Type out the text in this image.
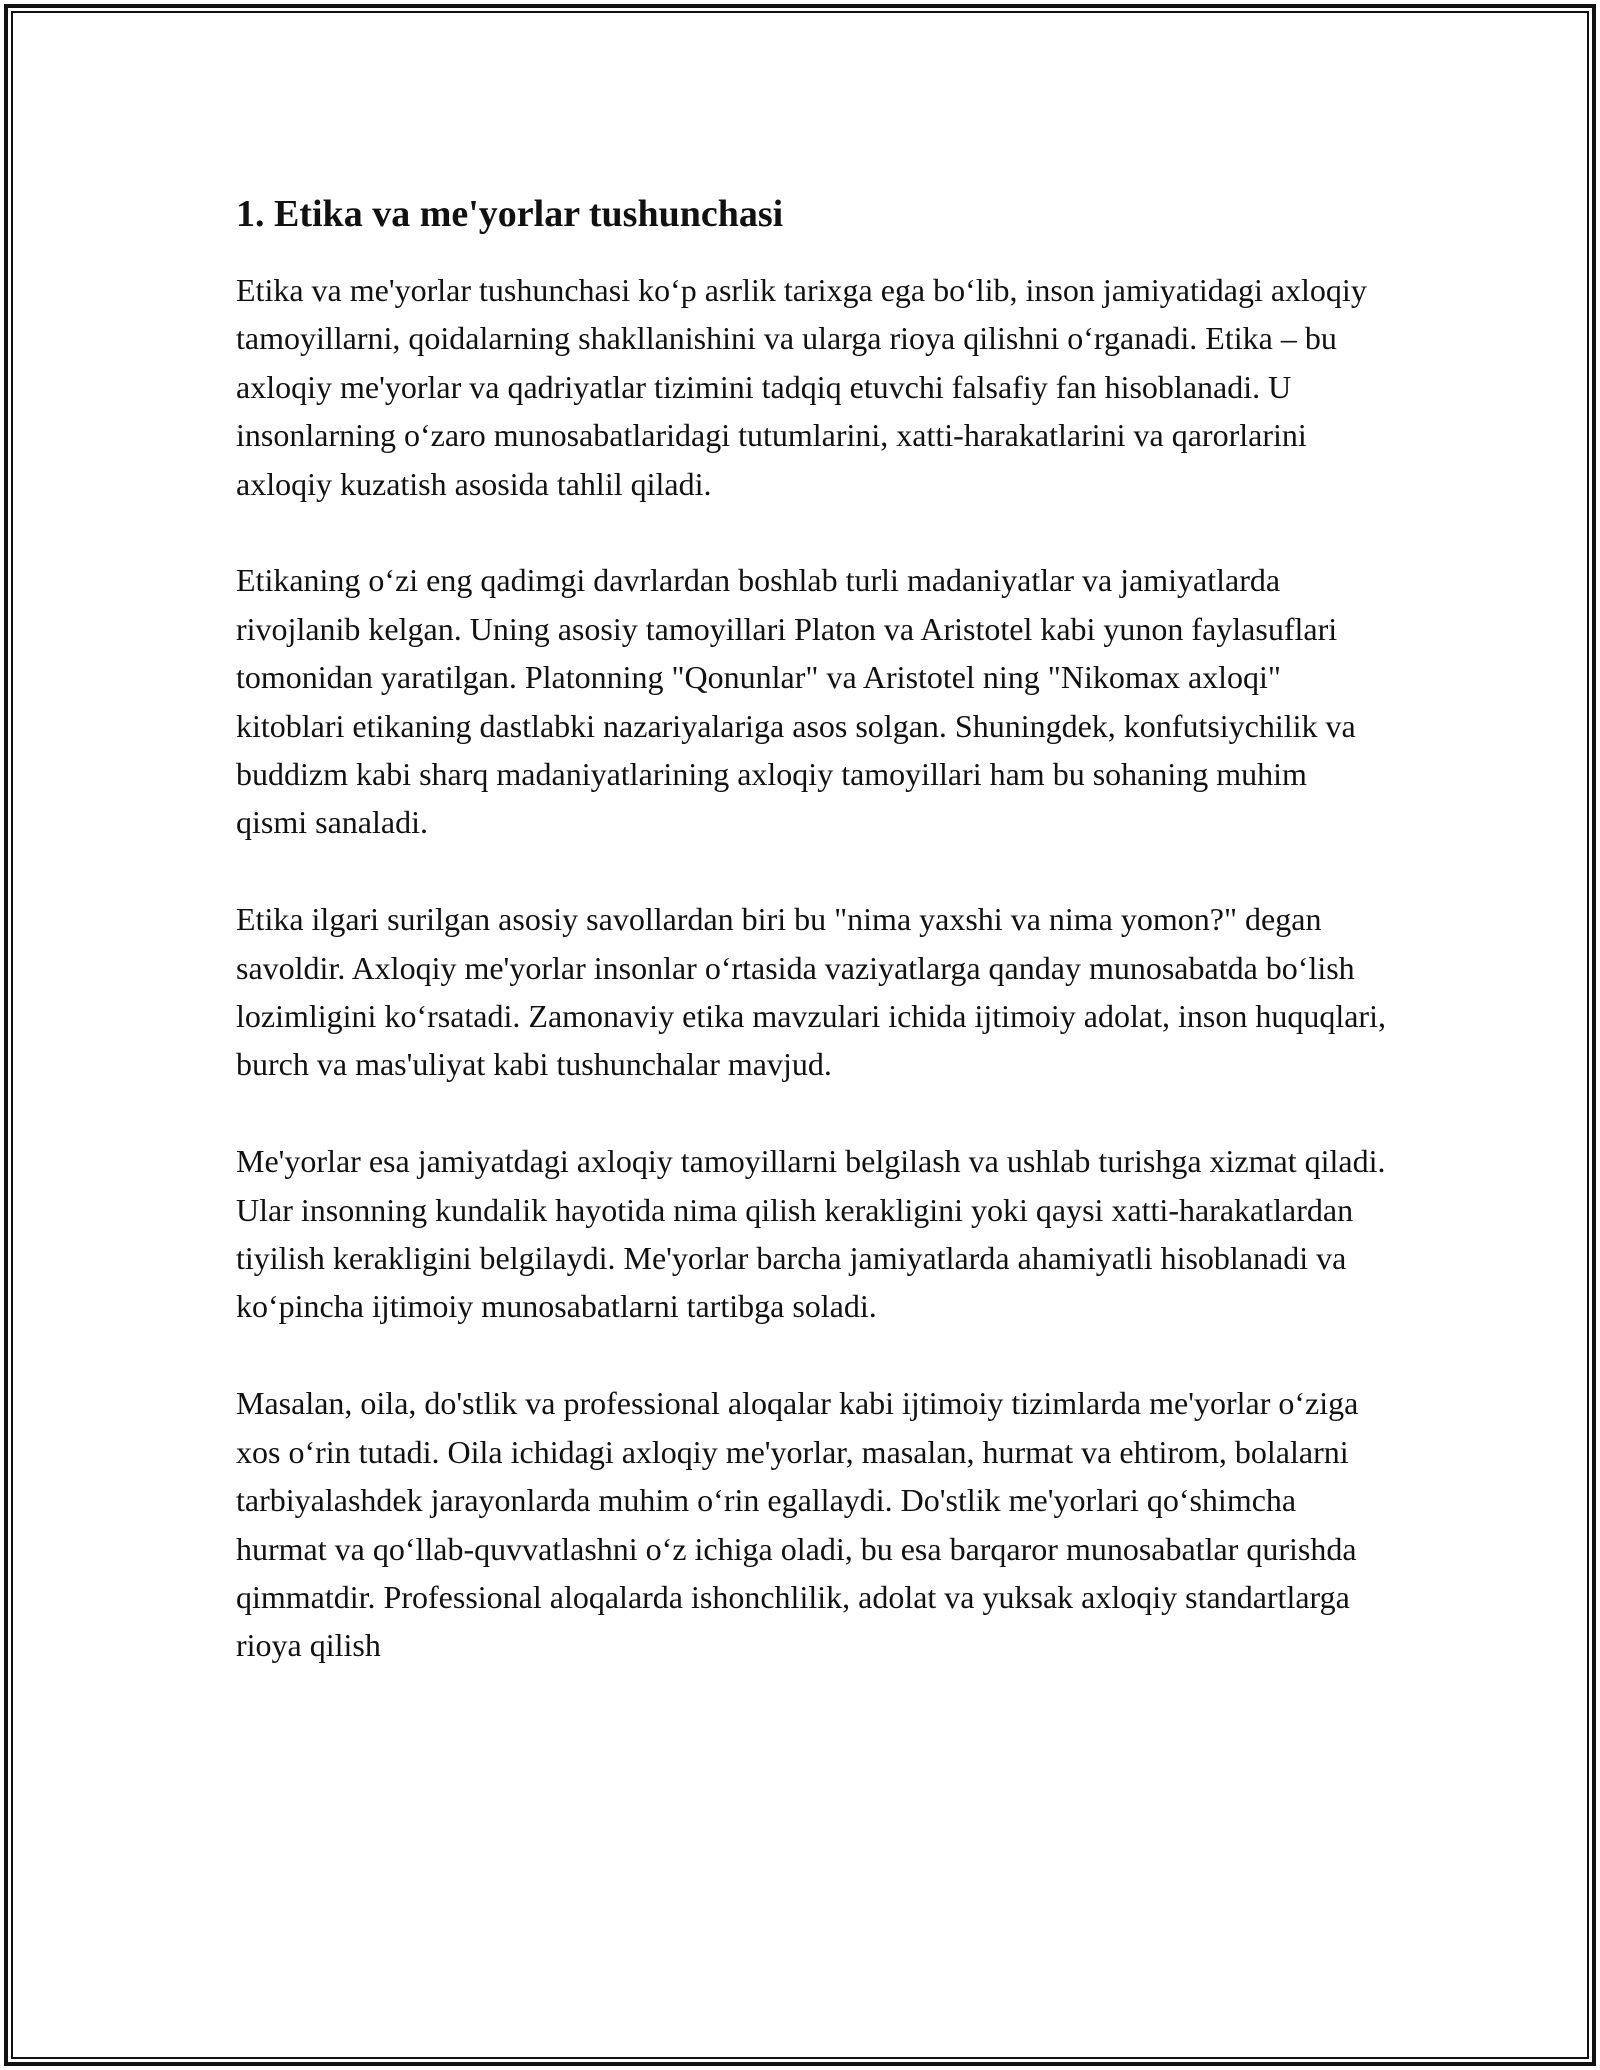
1. Etika va me'yorlar tushunchasi

Etika va me'yorlar tushunchasi ko‘p asrlik tarixga ega bo‘lib, inson jamiyatidagi axloqiy tamoyillarni, qoidalarning shakllanishini va ularga rioya qilishni o‘rganadi. Etika – bu axloqiy me'yorlar va qadriyatlar tizimini tadqiq etuvchi falsafiy fan hisoblanadi. U insonlarning o‘zaro munosabatlaridagi tutumlarini, xatti-harakatlarini va qarorlarini axloqiy kuzatish asosida tahlil qiladi.

Etikaning o‘zi eng qadimgi davrlardan boshlab turli madaniyatlar va jamiyatlarda rivojlanib kelgan. Uning asosiy tamoyillari Platon va Aristotel kabi yunon faylasuflari tomonidan yaratilgan. Platonning "Qonunlar" va Aristotel ning "Nikomax axloqi" kitoblari etikaning dastlabki nazariyalariga asos solgan. Shuningdek, konfutsiychilik va buddizm kabi sharq madaniyatlarining axloqiy tamoyillari ham bu sohaning muhim qismi sanaladi.

Etika ilgari surilgan asosiy savollardan biri bu "nima yaxshi va nima yomon?" degan savoldir. Axloqiy me'yorlar insonlar o‘rtasida vaziyatlarga qanday munosabatda bo‘lish lozimligini ko‘rsatadi. Zamonaviy etika mavzulari ichida ijtimoiy adolat, inson huquqlari, burch va mas'uliyat kabi tushunchalar mavjud.

Me'yorlar esa jamiyatdagi axloqiy tamoyillarni belgilash va ushlab turishga xizmat qiladi. Ular insonning kundalik hayotida nima qilish kerakligini yoki qaysi xatti-harakatlardan tiyilish kerakligini belgilaydi. Me'yorlar barcha jamiyatlarda ahamiyatli hisoblanadi va ko‘pincha ijtimoiy munosabatlarni tartibga soladi.

Masalan, oila, do'stlik va professional aloqalar kabi ijtimoiy tizimlarda me'yorlar o‘ziga xos o‘rin tutadi. Oila ichidagi axloqiy me'yorlar, masalan, hurmat va ehtirom, bolalarni tarbiyalashdek jarayonlarda muhim o‘rin egallaydi. Do'stlik me'yorlari qo‘shimcha hurmat va qo‘llab-quvvatlashni o‘z ichiga oladi, bu esa barqaror munosabatlar qurishda qimmatdir. Professional aloqalarda ishonchlilik, adolat va yuksak axloqiy standartlarga rioya qilish
